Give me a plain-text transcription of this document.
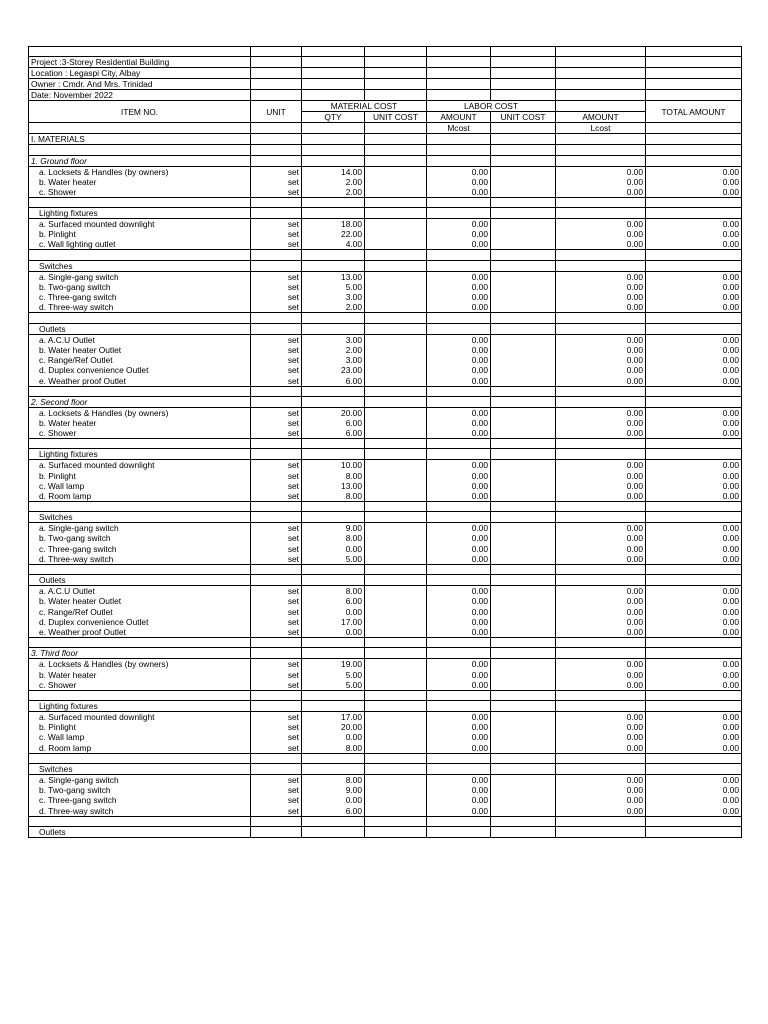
Project :3-Storey Residential Building							
Location : Legaspi City, Albay							
Owner : Cmdr. And Mrs. Trinidad							
Date: November 2022							
ITEM NO.	UNIT	MATERIAL COST		LABOR COST			TOTAL AMOUNT
		QTY	UNIT COST	AMOUNT	UNIT COST	AMOUNT	
				Mcost		Lcost	
I. MATERIALS							

1. Ground floor							
a. Locksets & Handles (by owners)	set	14.00		0.00		0.00	0.00
b. Water heater	set	2.00		0.00		0.00	0.00
c. Shower	set	2.00		0.00		0.00	0.00

Lighting fixtures							
a. Surfaced mounted downlight	set	18.00		0.00		0.00	0.00
b. Pinlight	set	22.00		0.00		0.00	0.00
c. Wall lighting outlet	set	4.00		0.00		0.00	0.00

Switches							
a. Single-gang switch	set	13.00		0.00		0.00	0.00
b. Two-gang switch	set	5.00		0.00		0.00	0.00
c. Three-gang switch	set	3.00		0.00		0.00	0.00
d. Three-way switch	set	2.00		0.00		0.00	0.00

Outlets							
a. A.C.U Outlet	set	3.00		0.00		0.00	0.00
b. Water heater Outlet	set	2.00		0.00		0.00	0.00
c. Range/Ref Outlet	set	3.00		0.00		0.00	0.00
d. Duplex convenience Outlet	set	23.00		0.00		0.00	0.00
e. Weather proof Outlet	set	6.00		0.00		0.00	0.00

2. Second floor							
a. Locksets & Handles (by owners)	set	20.00		0.00		0.00	0.00
b. Water heater	set	6.00		0.00		0.00	0.00
c. Shower	set	6.00		0.00		0.00	0.00

Lighting fixtures							
a. Surfaced mounted downlight	set	10.00		0.00		0.00	0.00
b. Pinlight	set	8.00		0.00		0.00	0.00
c. Wall lamp	set	13.00		0.00		0.00	0.00
d. Room lamp	set	8.00		0.00		0.00	0.00

Switches							
a. Single-gang switch	set	9.00		0.00		0.00	0.00
b. Two-gang switch	set	8.00		0.00		0.00	0.00
c. Three-gang switch	set	0.00		0.00		0.00	0.00
d. Three-way switch	set	5.00		0.00		0.00	0.00

Outlets							
a. A.C.U Outlet	set	8.00		0.00		0.00	0.00
b. Water heater Outlet	set	6.00		0.00		0.00	0.00
c. Range/Ref Outlet	set	0.00		0.00		0.00	0.00
d. Duplex convenience Outlet	set	17.00		0.00		0.00	0.00
e. Weather proof Outlet	set	0.00		0.00		0.00	0.00

3. Third floor							
a. Locksets & Handles (by owners)	set	19.00		0.00		0.00	0.00
b. Water heater	set	5.00		0.00		0.00	0.00
c. Shower	set	5.00		0.00		0.00	0.00

Lighting fixtures							
a. Surfaced mounted downlight	set	17.00		0.00		0.00	0.00
b. Pinlight	set	20.00		0.00		0.00	0.00
c. Wall lamp	set	0.00		0.00		0.00	0.00
d. Room lamp	set	8.00		0.00		0.00	0.00

Switches							
a. Single-gang switch	set	8.00		0.00		0.00	0.00
b. Two-gang switch	set	9.00		0.00		0.00	0.00
c. Three-gang switch	set	0.00		0.00		0.00	0.00
d. Three-way switch	set	6.00		0.00		0.00	0.00

Outlets							
